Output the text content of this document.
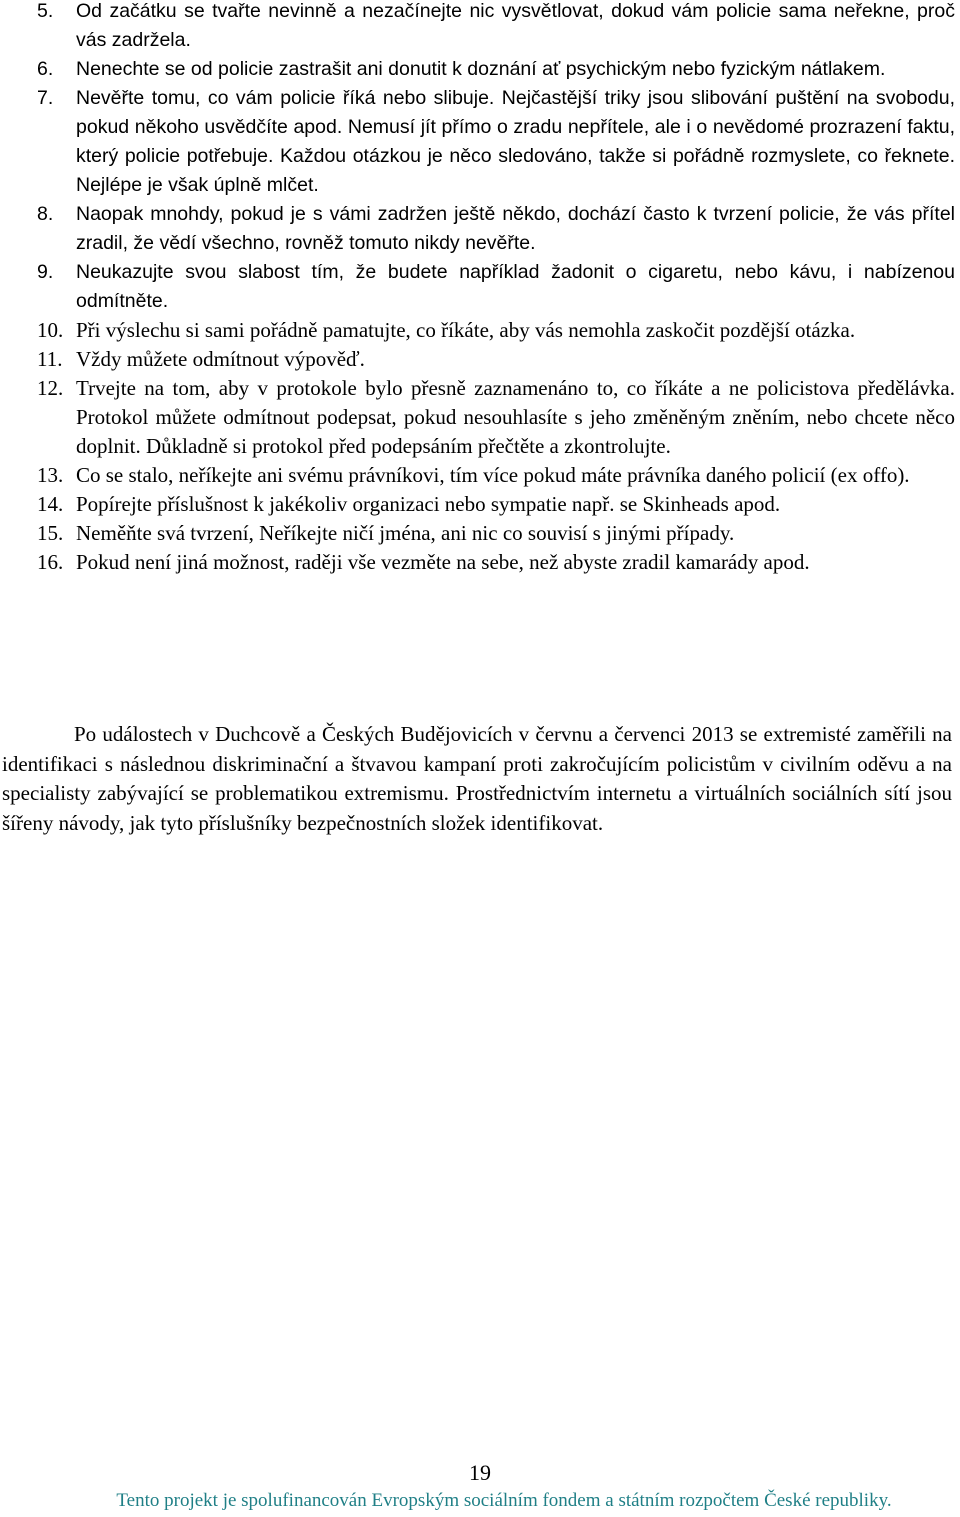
5. Od začátku se tvařte nevinně a nezačínejte nic vysvětlovat, dokud vám policie sama neřekne, proč vás zadržela.
6. Nenechte se od policie zastrašit ani donutit k doznání ať psychickým nebo fyzickým nátlakem.
7. Nevěřte tomu, co vám policie říká nebo slibuje. Nejčastější triky jsou slibování puštění na svobodu, pokud někoho usvědčíte apod. Nemusí jít přímo o zradu nepřítele, ale i o nevědomé prozrazení faktu, který policie potřebuje. Každou otázkou je něco sledováno, takže si pořádně rozmyslete, co řeknete. Nejlépe je však úplně mlčet.
8. Naopak mnohdy, pokud je s vámi zadržen ještě někdo, dochází často k tvrzení policie, že vás přítel zradil, že vědí všechno, rovněž tomuto nikdy nevěřte.
9. Neukazujte svou slabost tím, že budete například žadonit o cigaretu, nebo kávu, i nabízenou odmítněte.
10. Při výslechu si sami pořádně pamatujte, co říkáte, aby vás nemohla zaskočit pozdější otázka.
11. Vždy můžete odmítnout výpověď.
12. Trvejte na tom, aby v protokole bylo přesně zaznamenáno to, co říkáte a ne policistova předělávka. Protokol můžete odmítnout podepsat, pokud nesouhlasíte s jeho změněným zněním, nebo chcete něco doplnit. Důkladně si protokol před podepsáním přečtěte a zkontrolujte.
13. Co se stalo, neříkejte ani svému právníkovi, tím více pokud máte právníka daného policií (ex offo).
14. Popírejte příslušnost k jakékoliv organizaci nebo sympatie např. se Skinheads apod.
15. Neměňte svá tvrzení, Neříkejte ničí jména, ani nic co souvisí s jinými případy.
16. Pokud není jiná možnost, raději vše vezměte na sebe, než abyste zradil kamarády apod.

Po událostech v Duchcově a Českých Budějovicích v červnu a červenci 2013 se extremisté zaměřili na identifikaci s následnou diskriminační a štvavou kampaní proti zakročujícím policistům v civilním oděvu a na specialisty zabývající se problematikou extremismu. Prostřednictvím internetu a virtuálních sociálních sítí jsou šířeny návody, jak tyto příslušníky bezpečnostních složek identifikovat.

19
Tento projekt je spolufinancován Evropským sociálním fondem a státním rozpočtem České republiky.
